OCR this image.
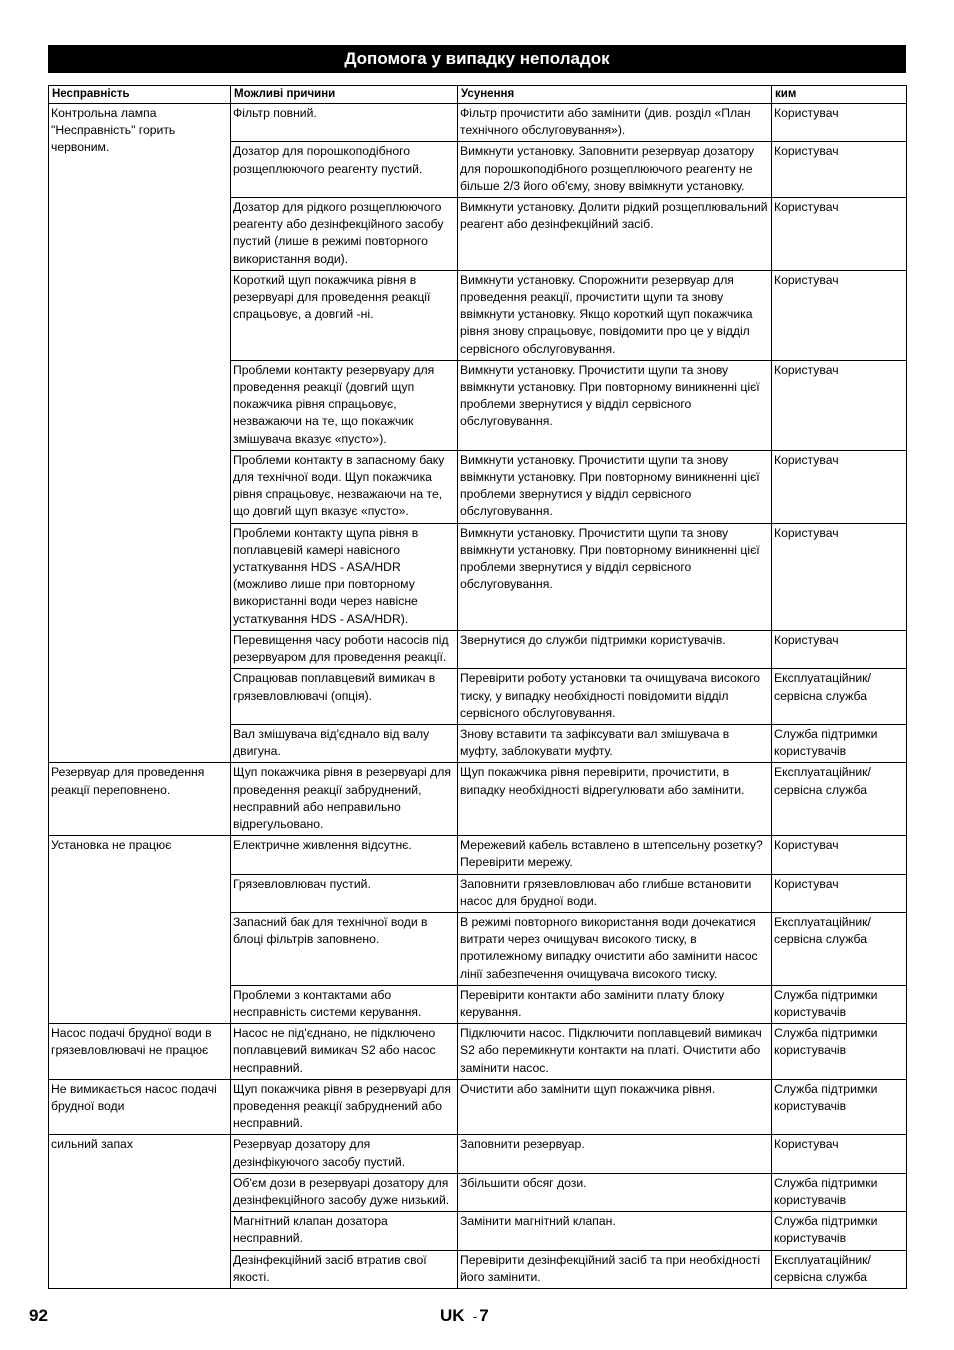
Допомога у випадку неполадок
Несправність	Можливі причини	Усунення	ким
Контрольна лампа "Несправність" горить червоним.	Фільтр повний.	Фільтр прочистити або замінити (див. розділ «План технічного обслуговування»).	Користувач
	Дозатор для порошкоподібного розщеплюючого реагенту пустий.	Вимкнути установку. Заповнити резервуар дозатору для порошкоподібного розщеплюючого реагенту не більше 2/3 його об'єму, знову ввімкнути установку.	Користувач
	Дозатор для рідкого розщеплюючого реагенту або дезінфекційного засобу пустий (лише в режимі повторного використання води).	Вимкнути установку. Долити рідкий розщеплювальний реагент або дезінфекційний засіб.	Користувач
	Короткий щуп покажчика рівня в резервуарі для проведення реакції спрацьовує, а довгий -ні.	Вимкнути установку. Спорожнити резервуар для проведення реакції, прочистити щупи та знову ввімкнути установку. Якщо короткий щуп покажчика рівня знову спрацьовує, повідомити про це у відділ сервісного обслуговування.	Користувач
	Проблеми контакту резервуару для проведення реакції (довгий щуп покажчика рівня спрацьовує, незважаючи на те, що покажчик змішувача вказує «пусто»).	Вимкнути установку. Прочистити щупи та знову ввімкнути установку. При повторному виникненні цієї проблеми звернутися у відділ сервісного обслуговування.	Користувач
	Проблеми контакту в запасному баку для технічної води. Щуп покажчика рівня спрацьовує, незважаючи на те, що довгий щуп вказує «пусто».	Вимкнути установку. Прочистити щупи та знову ввімкнути установку. При повторному виникненні цієї проблеми звернутися у відділ сервісного обслуговування.	Користувач
	Проблеми контакту щупа рівня в поплавцевій камері навісного устаткування HDS - ASA/HDR (можливо лише при повторному використанні води через навісне устаткування HDS - ASA/HDR).	Вимкнути установку. Прочистити щупи та знову ввімкнути установку. При повторному виникненні цієї проблеми звернутися у відділ сервісного обслуговування.	Користувач
	Перевищення часу роботи насосів під резервуаром для проведення реакції.	Звернутися до служби підтримки користувачів.	Користувач
	Спрацював поплавцевий вимикач в грязевловлювачі (опція).	Перевірити роботу установки та очищувача високого тиску, у випадку необхідності повідомити відділ сервісного обслуговування.	Експлуатаційник/ сервісна служба
	Вал змішувача від'єднало від валу двигуна.	Знову вставити та зафіксувати вал змішувача в муфту, заблокувати муфту.	Служба підтримки користувачів
Резервуар для проведення реакції переповнено.	Щуп покажчика рівня в резервуарі для проведення реакції забруднений, несправний або неправильно відрегульовано.	Щуп покажчика рівня перевірити, прочистити, в випадку необхідності відрегулювати або замінити.	Експлуатаційник/ сервісна служба
Установка не працює	Електричне живлення відсутнє.	Мережевий кабель вставлено в штепсельну розетку? Перевірити мережу.	Користувач
	Грязевловлювач пустий.	Заповнити грязевловлювач або глибше встановити насос для брудної води.	Користувач
	Запасний бак для технічної води в блоці фільтрів заповнено.	В режимі повторного використання води дочекатися витрати через очищувач високого тиску, в протилежному випадку очистити або замінити насос лінії забезпечення очищувача високого тиску.	Експлуатаційник/ сервісна служба
	Проблеми з контактами або несправність системи керування.	Перевірити контакти або замінити плату блоку керування.	Служба підтримки користувачів
Насос подачі брудної води в грязевловлювачі не працює	Насос не під'єднано, не підключено поплавцевий вимикач S2 або насос несправний.	Підключити насос. Підключити поплавцевий вимикач S2 або перемикнути контакти на платі. Очистити або замінити насос.	Служба підтримки користувачів
Не вимикається насос подачі брудної води	Щуп покажчика рівня в резервуарі для проведення реакції забруднений або несправний.	Очистити або замінити щуп покажчика рівня.	Служба підтримки користувачів
сильний запах	Резервуар дозатору для дезінфікуючого засобу пустий.	Заповнити резервуар.	Користувач
	Об'єм дози в резервуарі дозатору для дезінфекційного засобу дуже низький.	Збільшити обсяг дози.	Служба підтримки користувачів
	Магнітний клапан дозатора несправний.	Замінити магнітний клапан.	Служба підтримки користувачів
	Дезінфекційний засіб втратив свої якості.	Перевірити дезінфекційний засіб та при необхідності його замінити.	Експлуатаційник/ сервісна служба
92	UK - 7
